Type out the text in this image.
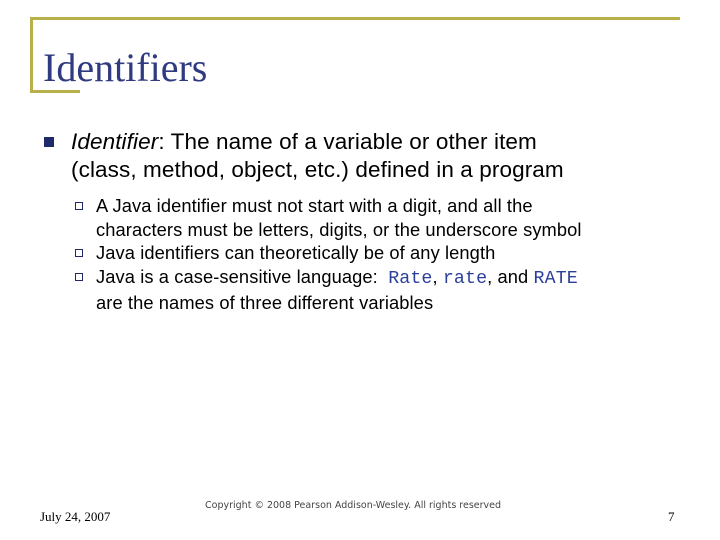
Identifiers
Identifier: The name of a variable or other item
(class, method, object, etc.) defined in a program
A Java identifier must not start with a digit, and all the
characters must be letters, digits, or the underscore symbol
Java identifiers can theoretically be of any length
Java is a case-sensitive language:  Rate, rate, and RATE
are the names of three different variables
July 24, 2007
Copyright © 2008 Pearson Addison-Wesley. All rights reserved
7
